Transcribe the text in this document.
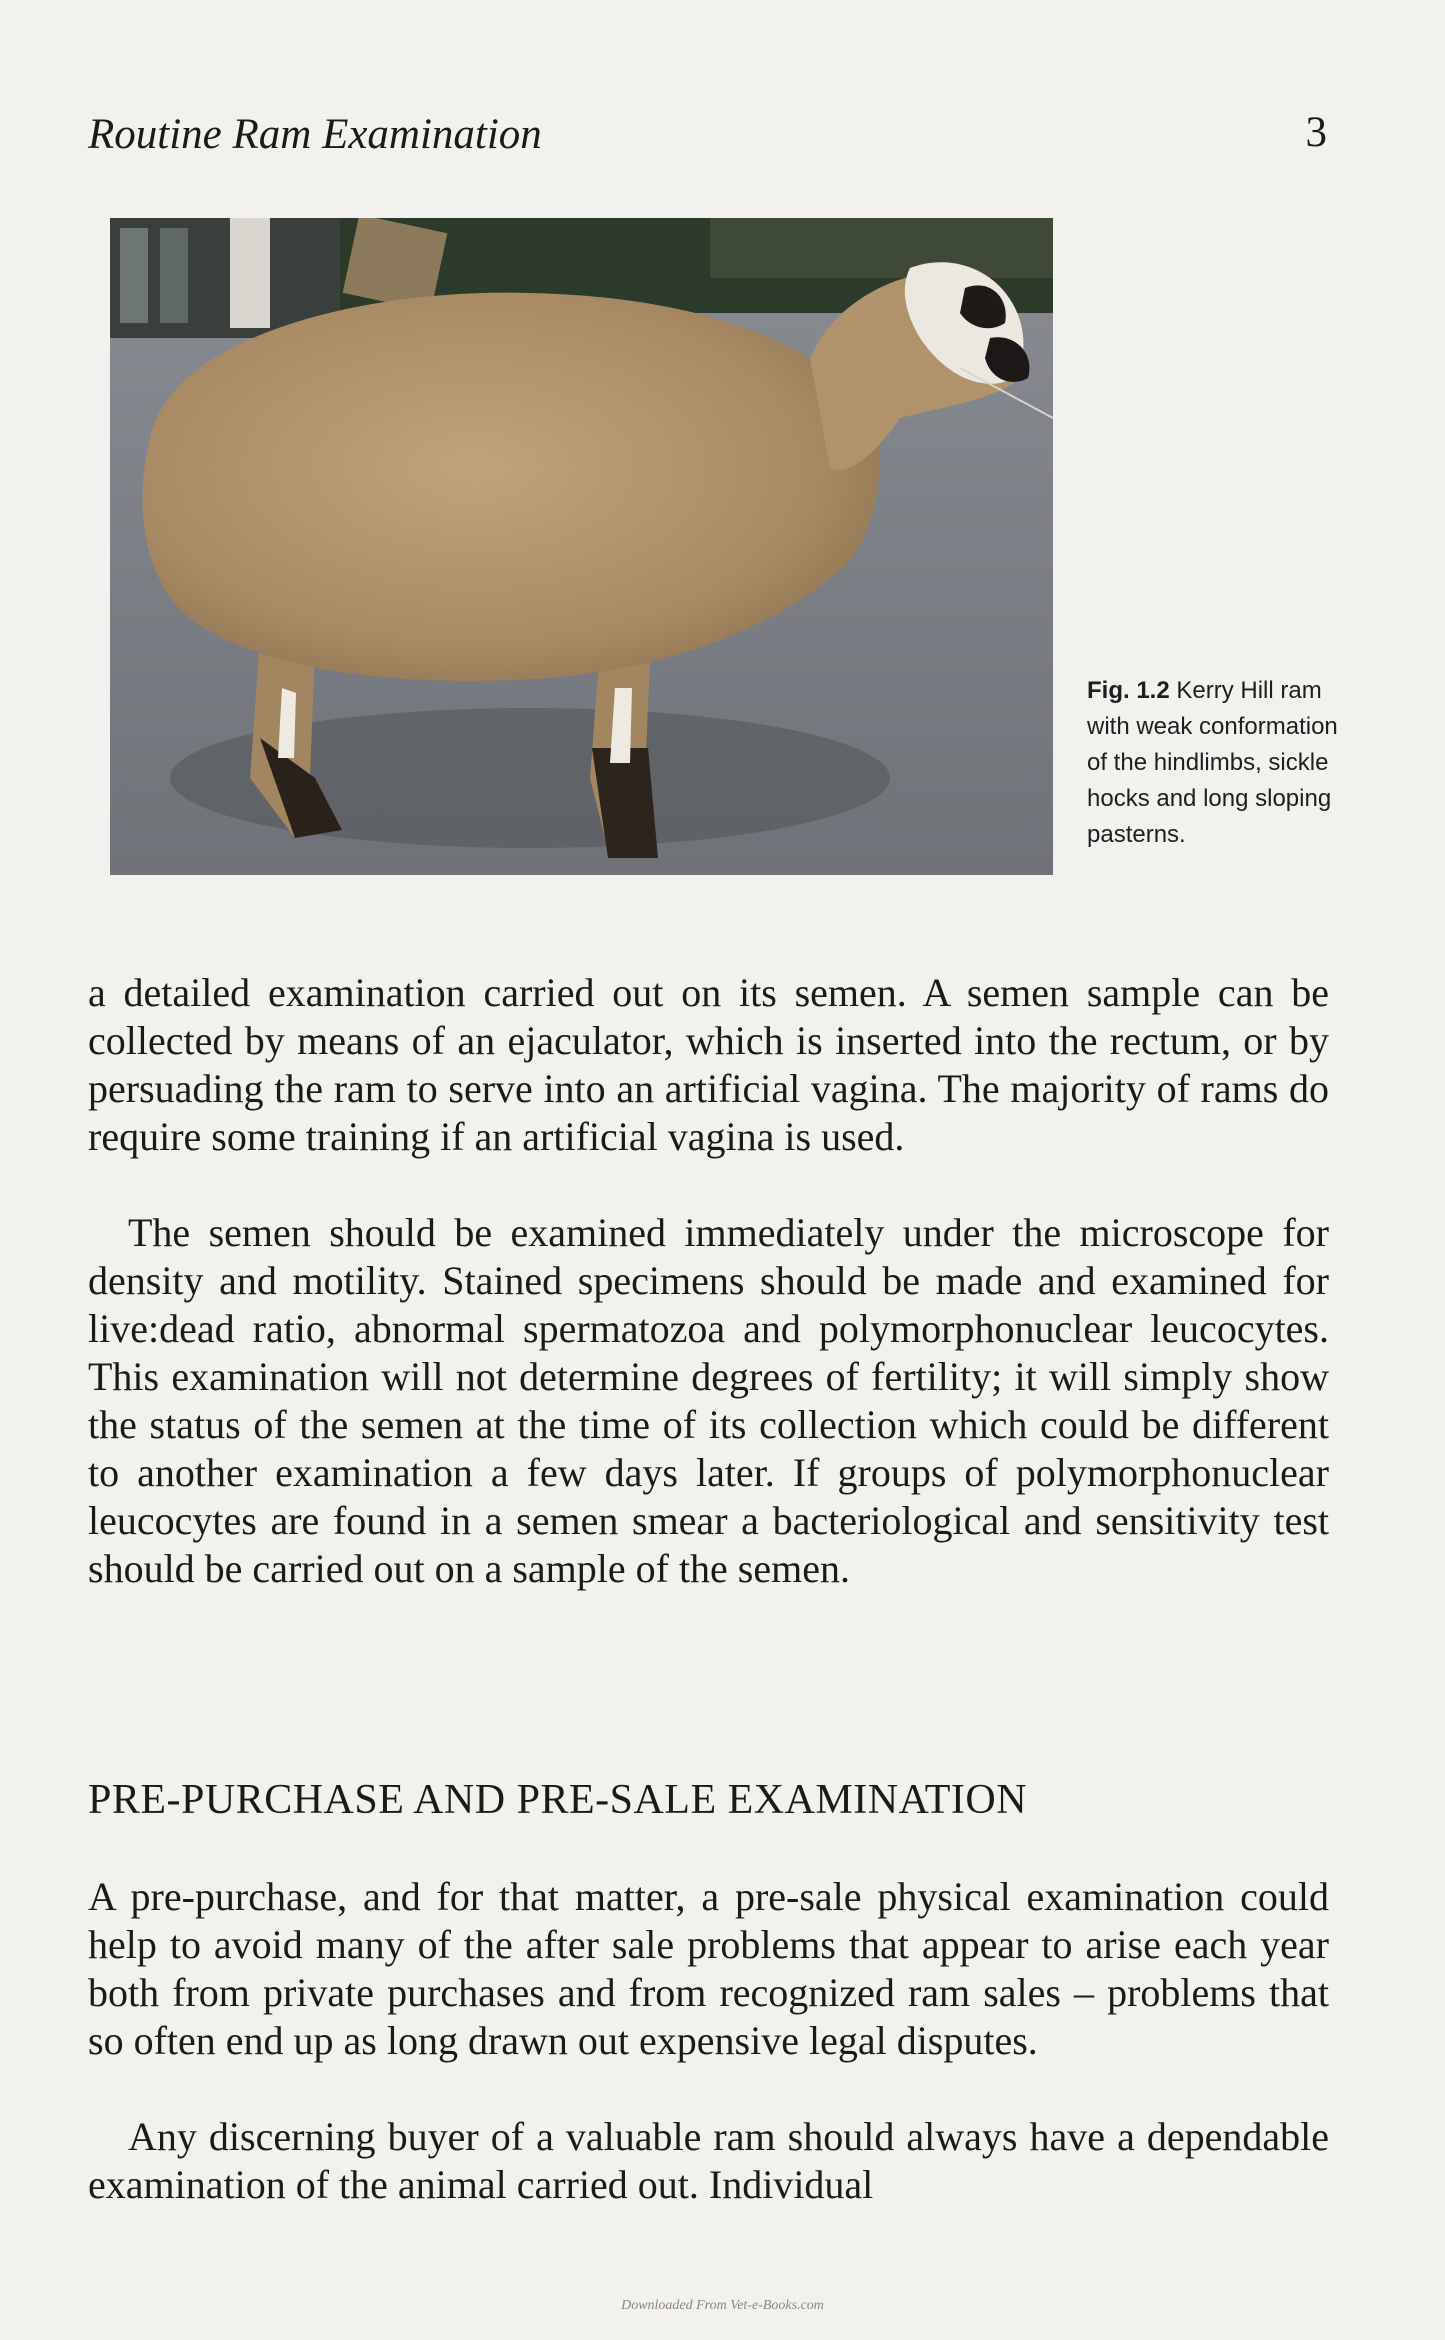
Routine Ram Examination	3
Fig. 1.2 Kerry Hill ram with weak conformation of the hindlimbs, sickle hocks and long sloping pasterns.

a detailed examination carried out on its semen. A semen sample can be collected by means of an ejaculator, which is inserted into the rectum, or by persuading the ram to serve into an artificial vagina. The majority of rams do require some training if an artificial vagina is used.

The semen should be examined immediately under the microscope for density and motility. Stained specimens should be made and examined for live:dead ratio, abnormal spermatozoa and polymorphonuclear leucocytes. This examination will not determine degrees of fertility; it will simply show the status of the semen at the time of its collection which could be different to another examination a few days later. If groups of polymorphonuclear leucocytes are found in a semen smear a bacteriological and sensitivity test should be carried out on a sample of the semen.

PRE-PURCHASE AND PRE-SALE EXAMINATION

A pre-purchase, and for that matter, a pre-sale physical examination could help to avoid many of the after sale problems that appear to arise each year both from private purchases and from recognized ram sales – problems that so often end up as long drawn out expensive legal disputes.

Any discerning buyer of a valuable ram should always have a dependable examination of the animal carried out. Individual

Downloaded From Vet-e-Books.com
